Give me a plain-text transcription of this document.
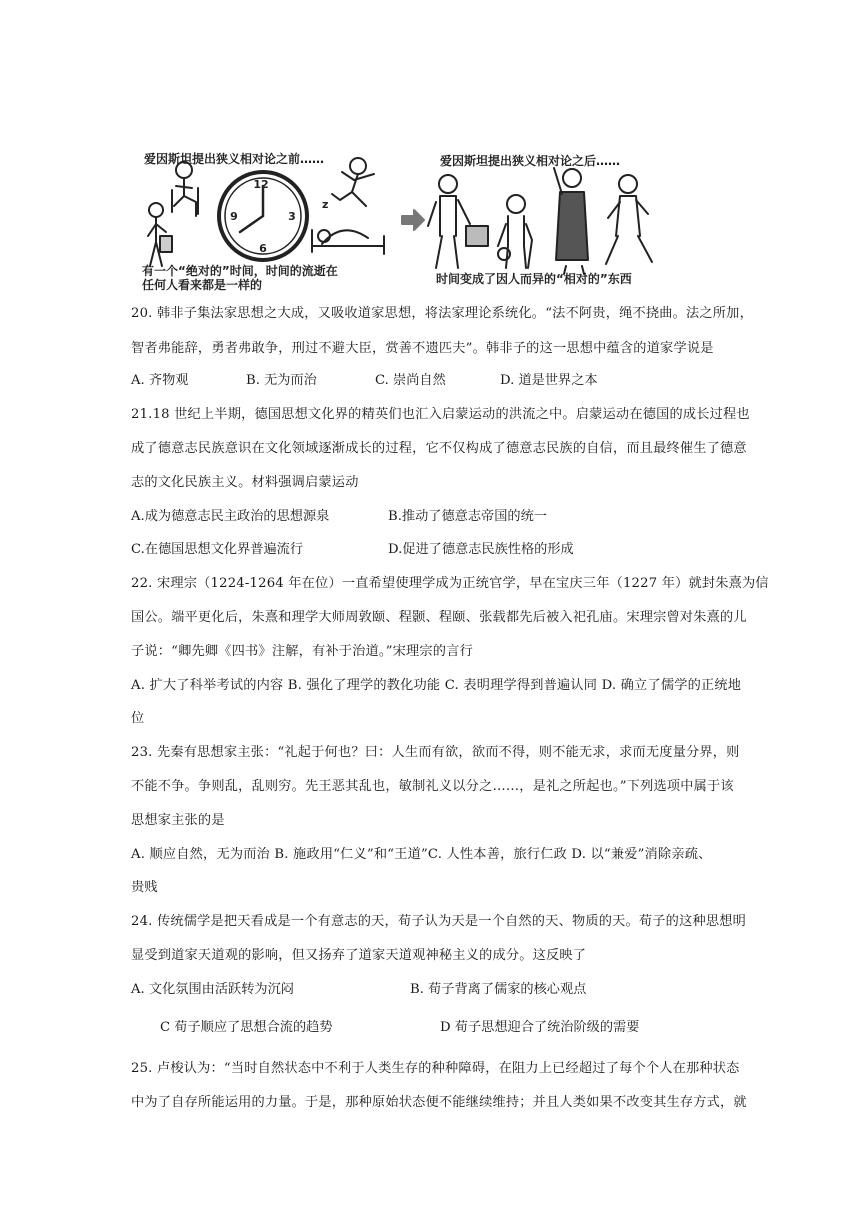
12
3
6
9
z
爱因斯坦提出狭义相对论之前……	爱因斯坦提出狭义相对论之后……
有一个“绝对的”时间，时间的流逝在
任何人看来都是一样的	时间变成了因人而异的“相对的”东西
20. 韩非子集法家思想之大成，又吸收道家思想，将法家理论系统化。“法不阿贵，绳不挠曲。法之所加，
智者弗能辞，勇者弗敢争，刑过不避大臣，赏善不遗匹夫”。韩非子的这一思想中蕴含的道家学说是
A. 齐物观	B. 无为而治	C. 崇尚自然	D. 道是世界之本
21.18 世纪上半期，德国思想文化界的精英们也汇入启蒙运动的洪流之中。启蒙运动在德国的成长过程也
成了德意志民族意识在文化领域逐渐成长的过程，它不仅构成了德意志民族的自信，而且最终催生了德意
志的文化民族主义。材料强调启蒙运动
A.成为德意志民主政治的思想源泉	B.推动了德意志帝国的统一
C.在德国思想文化界普遍流行	D.促进了德意志民族性格的形成
22. 宋理宗（1224-1264 年在位）一直希望使理学成为正统官学，早在宝庆三年（1227 年）就封朱熹为信
国公。端平更化后，朱熹和理学大师周敦颐、程颢、程颐、张载都先后被入祀孔庙。宋理宗曾对朱熹的儿
子说：“卿先卿《四书》注解，有补于治道。”宋理宗的言行
A. 扩大了科举考试的内容 B. 强化了理学的教化功能 C. 表明理学得到普遍认同 D. 确立了儒学的正统地
位
23. 先秦有思想家主张：“礼起于何也？曰：人生而有欲，欲而不得，则不能无求，求而无度量分界，则
不能不争。争则乱，乱则穷。先王恶其乱也，敏制礼义以分之……，是礼之所起也。”下列选项中属于该
思想家主张的是
A. 顺应自然，无为而治 B. 施政用“仁义”和“王道”C. 人性本善，旅行仁政 D. 以“兼爱”消除亲疏、
贵贱
24. 传统儒学是把天看成是一个有意志的天，荀子认为天是一个自然的天、物质的天。荀子的这种思想明
显受到道家天道观的影响，但又扬弃了道家天道观神秘主义的成分。这反映了
A. 文化氛围由活跃转为沉闷	B. 荀子背离了儒家的核心观点
C 荀子顺应了思想合流的趋势	D 荀子思想迎合了统治阶级的需要
25. 卢梭认为：“当时自然状态中不利于人类生存的种种障碍，在阻力上已经超过了每个个人在那种状态
中为了自存所能运用的力量。于是，那种原始状态便不能继续维持；并且人类如果不改变其生存方式，就
